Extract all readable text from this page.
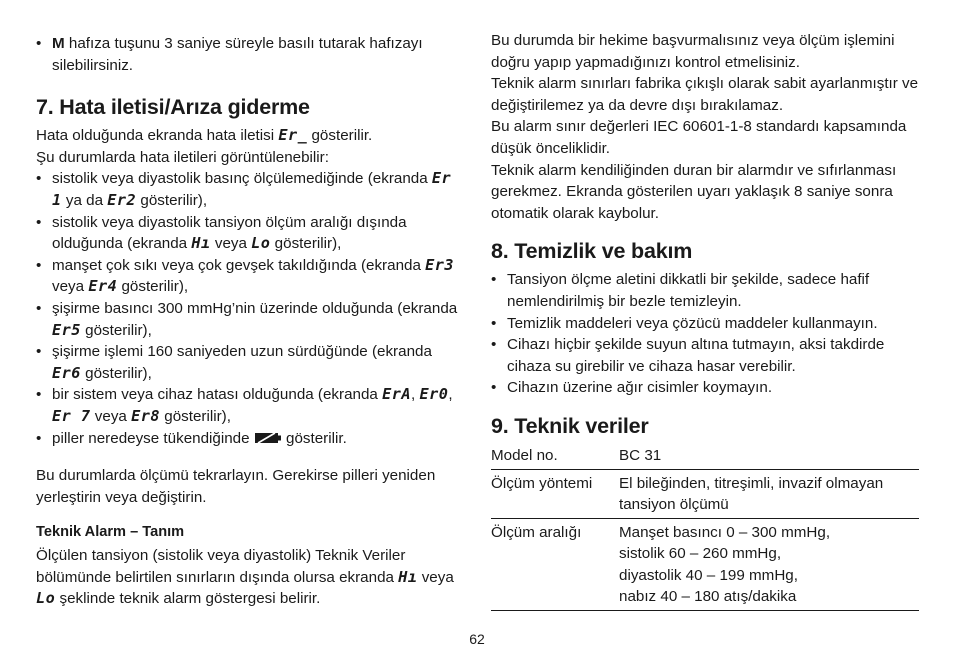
• M hafıza tuşunu 3 saniye süreyle basılı tutarak hafızayı silebilirsiniz.
7. Hata iletisi/Arıza giderme

Hata olduğunda ekranda hata iletisi Er_ gösterilir.

Şu durumlarda hata iletileri görüntülenebilir:

• sistolik veya diyastolik basınç ölçülemediğinde (ekranda Er 1 ya da Er2 gösterilir),
• sistolik veya diyastolik tansiyon ölçüm aralığı dışında olduğunda (ekranda Hı veya Lo gösterilir),
• manşet çok sıkı veya çok gevşek takıldığında (ekranda Er3 veya Er4 gösterilir),
• şişirme basıncı 300 mmHg’nin üzerinde olduğunda (ekranda Er5 gösterilir),
• şişirme işlemi 160 saniyeden uzun sürdüğünde (ekranda Er6 gösterilir),
• bir sistem veya cihaz hatası olduğunda (ekranda ErA, Er0, Er 7 veya Er8 gösterilir),
• piller neredeyse tükendiğinde  gösterilir.

Bu durumlarda ölçümü tekrarlayın. Gerekirse pilleri yeniden yerleştirin veya değiştirin.

Teknik Alarm – Tanım

Ölçülen tansiyon (sistolik veya diyastolik) Teknik Veriler bölümünde belirtilen sınırların dışında olursa ekranda Hı veya Lo şeklinde teknik alarm göstergesi belirir.

Bu durumda bir hekime başvurmalısınız veya ölçüm işlemini doğru yapıp yapmadığınızı kontrol etmelisiniz.

Teknik alarm sınırları fabrika çıkışlı olarak sabit ayarlanmıştır ve değiştirilemez ya da devre dışı bırakılamaz.

Bu alarm sınır değerleri IEC 60601-1-8 standardı kapsamında düşük önceliklidir.

Teknik alarm kendiliğinden duran bir alarmdır ve sıfırlanması gerekmez. Ekranda gösterilen uyarı yaklaşık 8 saniye sonra otomatik olarak kaybolur.

8. Temizlik ve bakım
• Tansiyon ölçme aletini dikkatli bir şekilde, sadece hafif nemlendirilmiş bir bezle temizleyin.
• Temizlik maddeleri veya çözücü maddeler kullanmayın.
• Cihazı hiçbir şekilde suyun altına tutmayın, aksi takdirde cihaza su girebilir ve cihaza hasar verebilir.
• Cihazın üzerine ağır cisimler koymayın.
9. Teknik veriler
Model no.	BC 31

Ölçüm yöntemi	El bileğinden, titreşimli, invazif olmayan
tansiyon ölçümü

Ölçüm aralığı	Manşet basıncı 0 – 300 mmHg,
sistolik 60 – 260 mmHg,
diyastolik 40 – 199 mmHg,
nabız 40 – 180 atış/dakika
62
